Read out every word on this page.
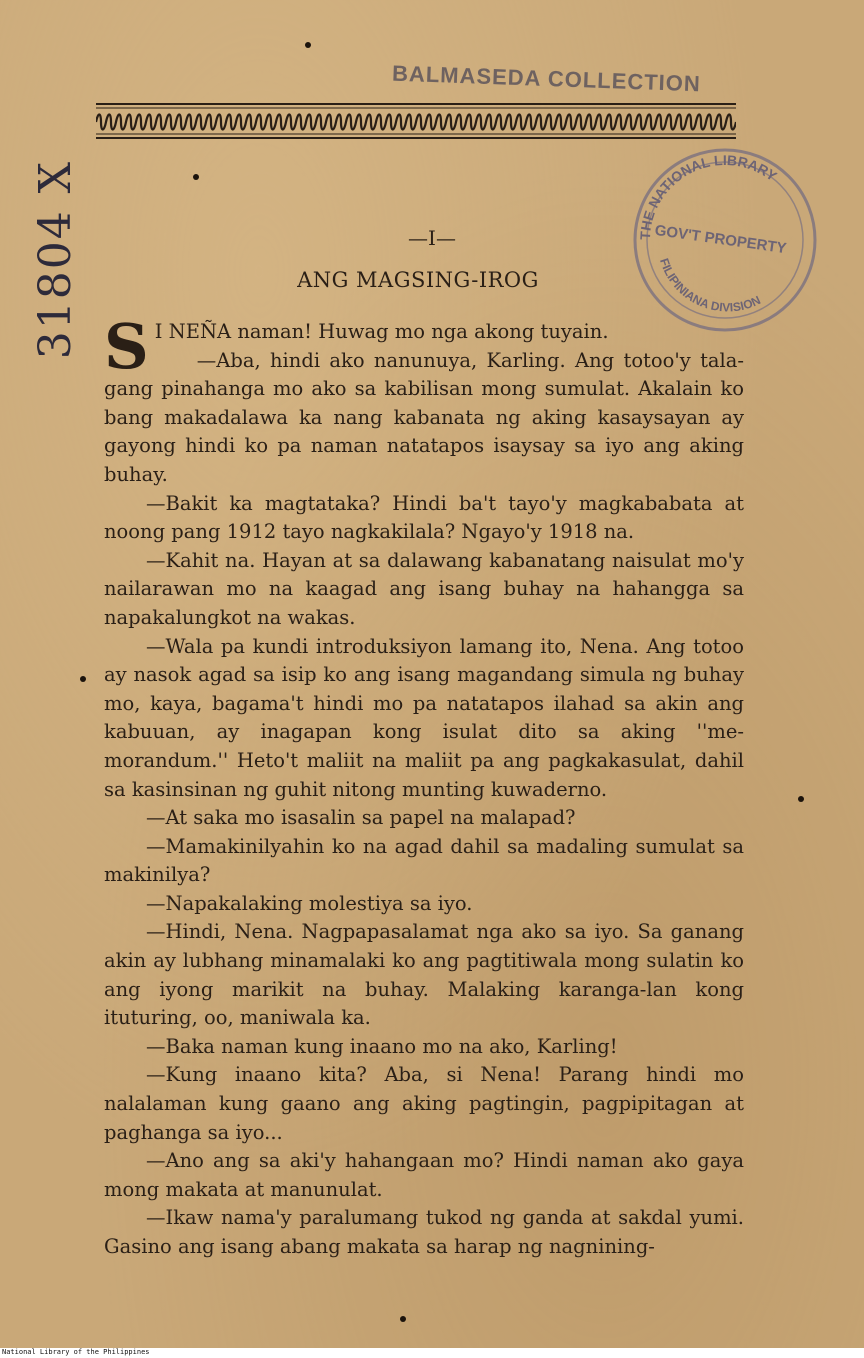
BALMASEDA COLLECTION
31804 X	THE NATIONAL LIBRARY
GOV'T PROPERTY
FILIPINIANA DIVISION
—I—
ANG MAGSING-IROG

S I NEÑA naman! Huwag mo nga akong tuyain.

—Aba, hindi ako nanunuya, Karling. Ang totoo'y tala-gang pinahanga mo ako sa kabilisan mong sumulat. Akalain ko bang makadalawa ka nang kabanata ng aking kasaysayan ay gayong hindi ko pa naman natatapos isaysay sa iyo ang aking buhay.

—Bakit ka magtataka? Hindi ba't tayo'y magkababata at noong pang 1912 tayo nagkakilala? Ngayo'y 1918 na.

—Kahit na. Hayan at sa dalawang kabanatang naisulat mo'y nailarawan mo na kaagad ang isang buhay na hahangga sa napakalungkot na wakas.

—Wala pa kundi introduksiyon lamang ito, Nena. Ang totoo ay nasok agad sa isip ko ang isang magandang simula ng buhay mo, kaya, bagama't hindi mo pa natatapos ilahad sa akin ang kabuuan, ay inagapan kong isulat dito sa aking ''me-morandum.'' Heto't maliit na maliit pa ang pagkakasulat, dahil sa kasinsinan ng guhit nitong munting kuwaderno.

—At saka mo isasalin sa papel na malapad?

—Mamakinilyahin ko na agad dahil sa madaling sumulat sa makinilya?

—Napakalaking molestiya sa iyo.

—Hindi, Nena. Nagpapasalamat nga ako sa iyo. Sa ganang akin ay lubhang minamalaki ko ang pagtitiwala mong sulatin ko ang iyong marikit na buhay. Malaking karanga-lan kong ituturing, oo, maniwala ka.

—Baka naman kung inaano mo na ako, Karling!

—Kung inaano kita? Aba, si Nena! Parang hindi mo nalalaman kung gaano ang aking pagtingin, pagpipitagan at paghanga sa iyo...

—Ano ang sa aki'y hahangaan mo? Hindi naman ako gaya mong makata at manunulat.

—Ikaw nama'y paralumang tukod ng ganda at sakdal yumi. Gasino ang isang abang makata sa harap ng nagnining-

National Library of the Philippines
